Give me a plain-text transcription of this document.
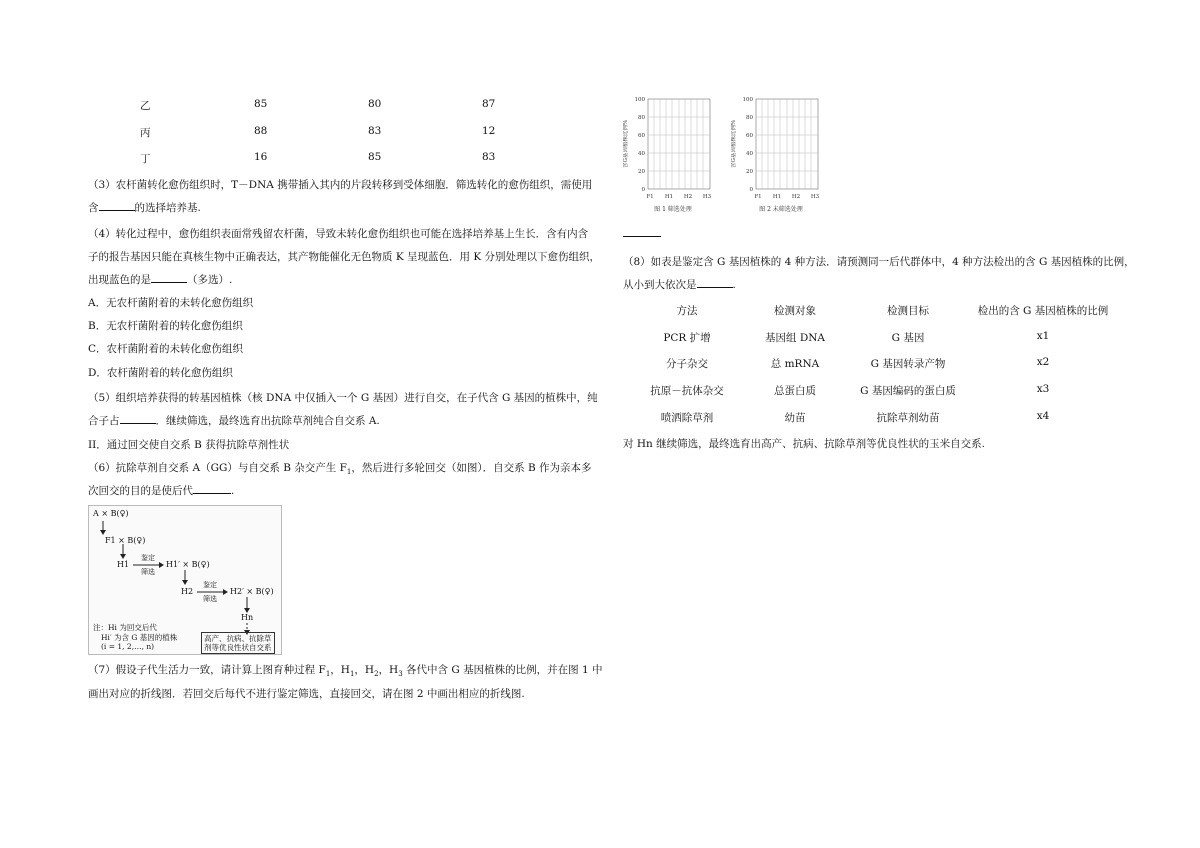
乙	85	80	87
丙	88	83	12
丁	16	85	83
（3）农杆菌转化愈伤组织时，T－DNA 携带插入其内的片段转移到受体细胞．筛选转化的愈伤组织，需使用
含	的选择培养基.
（4）转化过程中，愈伤组织表面常残留农杆菌，导致未转化愈伤组织也可能在选择培养基上生长．含有内含
子的报告基因只能在真核生物中正确表达，其产物能催化无色物质 K 呈现蓝色．用 K 分别处理以下愈伤组织，
出现蓝色的是	（多选）.
A．无农杆菌附着的未转化愈伤组织
B．无农杆菌附着的转化愈伤组织
C．农杆菌附着的未转化愈伤组织
D．农杆菌附着的转化愈伤组织
（5）组织培养获得的转基因植株（核 DNA 中仅插入一个 G 基因）进行自交，在子代含 G 基因的植株中，纯
合子占	．继续筛选，最终选育出抗除草剂纯合自交系 A.
II．通过回交使自交系 B 获得抗除草剂性状
（6）抗除草剂自交系 A（GG）与自交系 B 杂交产生 $F_1$，然后进行多轮回交（如图）．自交系 B 作为亲本多
次回交的目的是使后代	.
（7）假设子代生活力一致，请计算上图育种过程 $F_1$，$H_1$，$H_2$，$H_3$ 各代中含 G 基因植株的比例，并在图 1 中
画出对应的折线图．若回交后每代不进行鉴定筛选，直接回交，请在图 2 中画出相应的折线图.
A × B(♀)
F1 × B(♀)
H1
鉴定
筛选
H1′ × B(♀)
H2
鉴定
筛选
H2′ × B(♀)
Hn
注：Hi 为回交后代
Hi′ 为含 G 基因的植株
(i = 1, 2,…, n)
高产、抗病、抗除草
剂等优良性状自交系
含G基因植株比例%
100
80
60
40
20
0
F1 H1 H2 H3
图 1 筛选处理
含G基因植株比例%
100
80
60
40
20
0
F1 H1 H2 H3
图 2 未筛选处理
（8）如表是鉴定含 G 基因植株的 4 种方法．请预测同一后代群体中，4 种方法检出的含 G 基因植株的比例，
从小到大依次是	.
方法	检测对象	检测目标	检出的含 G 基因植株的比例
PCR 扩增	基因组 DNA	G 基因	x1
分子杂交	总 mRNA	G 基因转录产物	x2
抗原－抗体杂交	总蛋白质	G 基因编码的蛋白质	x3
喷洒除草剂	幼苗	抗除草剂幼苗	x4
对 Hn 继续筛选，最终选育出高产、抗病、抗除草剂等优良性状的玉米自交系.
